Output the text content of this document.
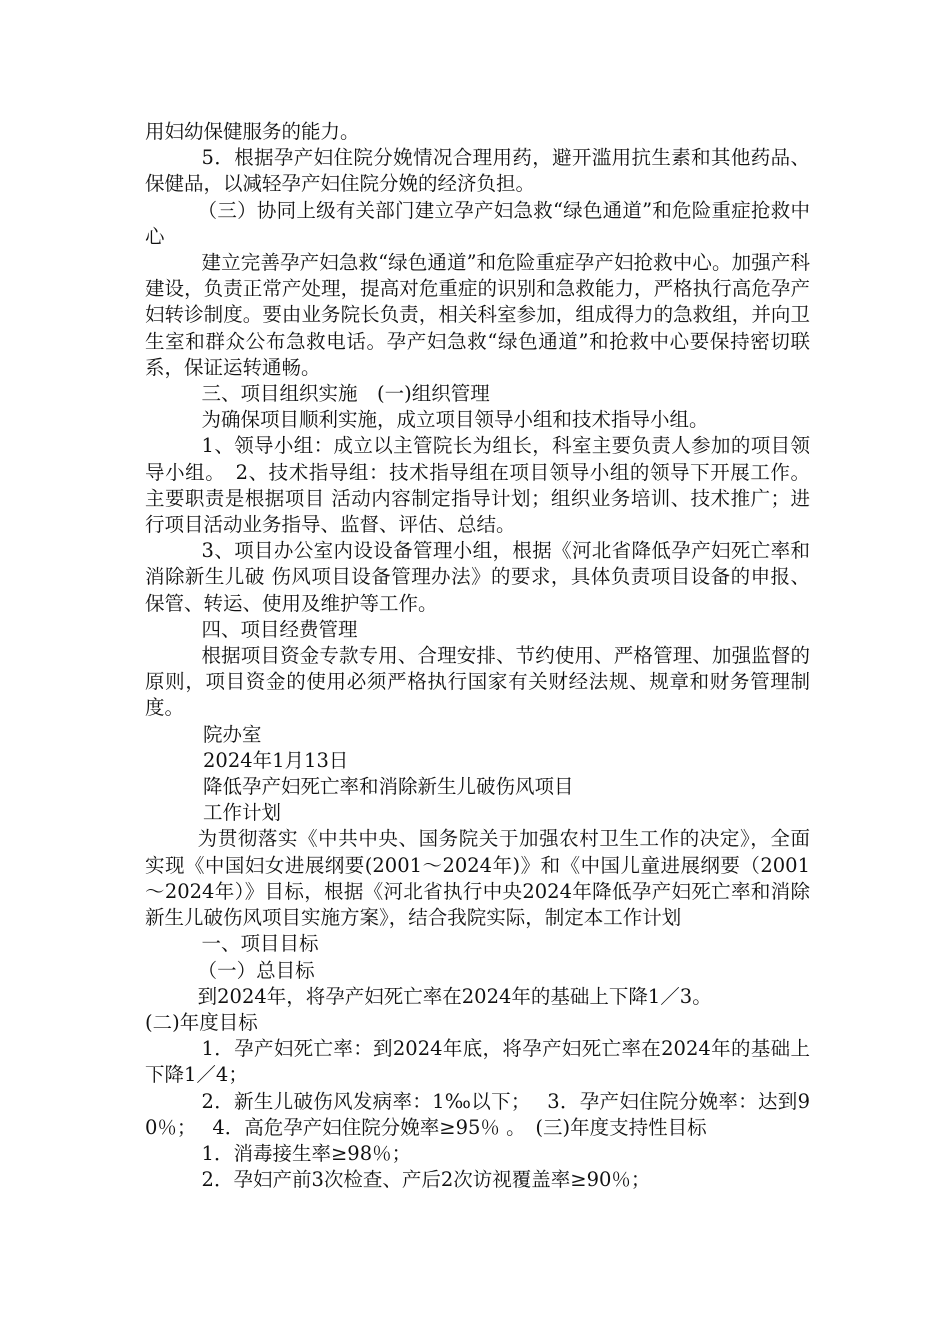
用妇幼保健服务的能力。

5．根据孕产妇住院分娩情况合理用药，避开滥用抗生素和其他药品、保健品，以减轻孕产妇住院分娩的经济负担。

（三）协同上级有关部门建立孕产妇急救“绿色通道”和危险重症抢救中心

建立完善孕产妇急救“绿色通道”和危险重症孕产妇抢救中心。加强产科建设，负责正常产处理，提高对危重症的识别和急救能力，严格执行高危孕产妇转诊制度。要由业务院长负责，相关科室参加，组成得力的急救组，并向卫生室和群众公布急救电话。孕产妇急救“绿色通道”和抢救中心要保持密切联系，保证运转通畅。

三、项目组织实施　(一)组织管理

为确保项目顺利实施，成立项目领导小组和技术指导小组。

1、领导小组：成立以主管院长为组长，科室主要负责人参加的项目领导小组。　2、技术指导组：技术指导组在项目领导小组的领导下开展工作。主要职责是根据项目 活动内容制定指导计划；组织业务培训、技术推广；进行项目活动业务指导、监督、评估、总结。

3、项目办公室内设设备管理小组，根据《河北省降低孕产妇死亡率和消除新生儿破 伤风项目设备管理办法》的要求，具体负责项目设备的申报、保管、转运、使用及维护等工作。

四、项目经费管理

根据项目资金专款专用、合理安排、节约使用、严格管理、加强监督的原则，项目资金的使用必须严格执行国家有关财经法规、规章和财务管理制度。

院办室

2024年1月13日

降低孕产妇死亡率和消除新生儿破伤风项目

工作计划

为贯彻落实《中共中央、国务院关于加强农村卫生工作的决定》，全面实现《中国妇女进展纲要(2001～2024年)》和《中国儿童进展纲要（2001～2024年）》目标，根据《河北省执行中央2024年降低孕产妇死亡率和消除新生儿破伤风项目实施方案》，结合我院实际，制定本工作计划

一、项目目标

（一）总目标

到2024年，将孕产妇死亡率在2024年的基础上下降1／3。

(二)年度目标

1．孕产妇死亡率：到2024年底，将孕产妇死亡率在2024年的基础上下降1／4；

2．新生儿破伤风发病率：1‰以下；　 3．孕产妇住院分娩率：达到90％；　 4．高危孕产妇住院分娩率≥95％ 。　(三)年度支持性目标

1．消毒接生率≥98％；

2．孕妇产前3次检查、产后2次访视覆盖率≥90％；
